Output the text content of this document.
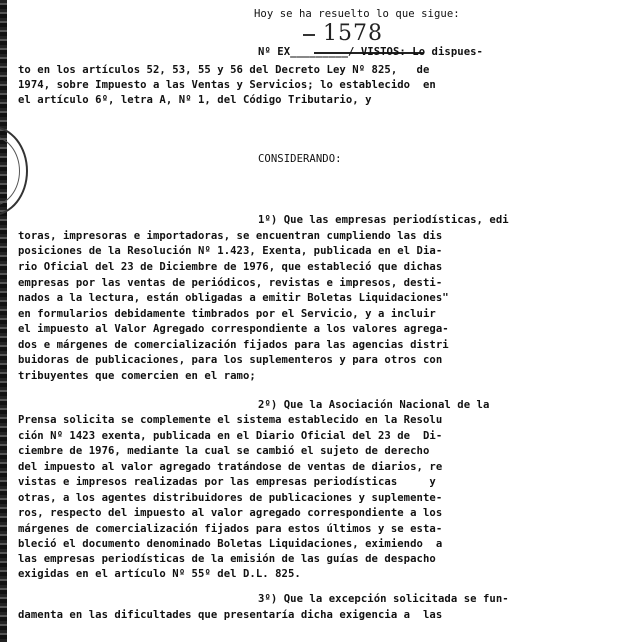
Hoy se ha resuelto lo que sigue:
1578
Nº EX_________/ VISTOS: Lo dispues-
to en los artículos 52, 53, 55 y 56 del Decreto Ley Nº 825,   de
1974, sobre Impuesto a las Ventas y Servicios; lo establecido  en
el artículo 6º, letra A, Nº 1, del Código Tributario, y
CONSIDERANDO:
1º) Que las empresas periodísticas, edi
toras, impresoras e importadoras, se encuentran cumpliendo las dis
posiciones de la Resolución Nº 1.423, Exenta, publicada en el Dia-
rio Oficial del 23 de Diciembre de 1976, que estableció que dichas
empresas por las ventas de periódicos, revistas e impresos, desti-
nados a la lectura, están obligadas a emitir Boletas Liquidaciones"
en formularios debidamente timbrados por el Servicio, y a incluir
el impuesto al Valor Agregado correspondiente a los valores agrega-
dos e márgenes de comercialización fijados para las agencias distri
buidoras de publicaciones, para los suplementeros y para otros con
tribuyentes que comercien en el ramo;
2º) Que la Asociación Nacional de la
Prensa solicita se complemente el sistema establecido en la Resolu
ción Nº 1423 exenta, publicada en el Diario Oficial del 23 de  Di-
ciembre de 1976, mediante la cual se cambió el sujeto de derecho
del impuesto al valor agregado tratándose de ventas de diarios, re
vistas e impresos realizadas por las empresas periodísticas     y
otras, a los agentes distribuidores de publicaciones y suplemente-
ros, respecto del impuesto al valor agregado correspondiente a los
márgenes de comercialización fijados para estos últimos y se esta-
bleció el documento denominado Boletas Liquidaciones, eximiendo  a
las empresas periodísticas de la emisión de las guías de despacho
exigidas en el artículo Nº 55º del D.L. 825.
3º) Que la excepción solicitada se fun-
damenta en las dificultades que presentaría dicha exigencia a  las
